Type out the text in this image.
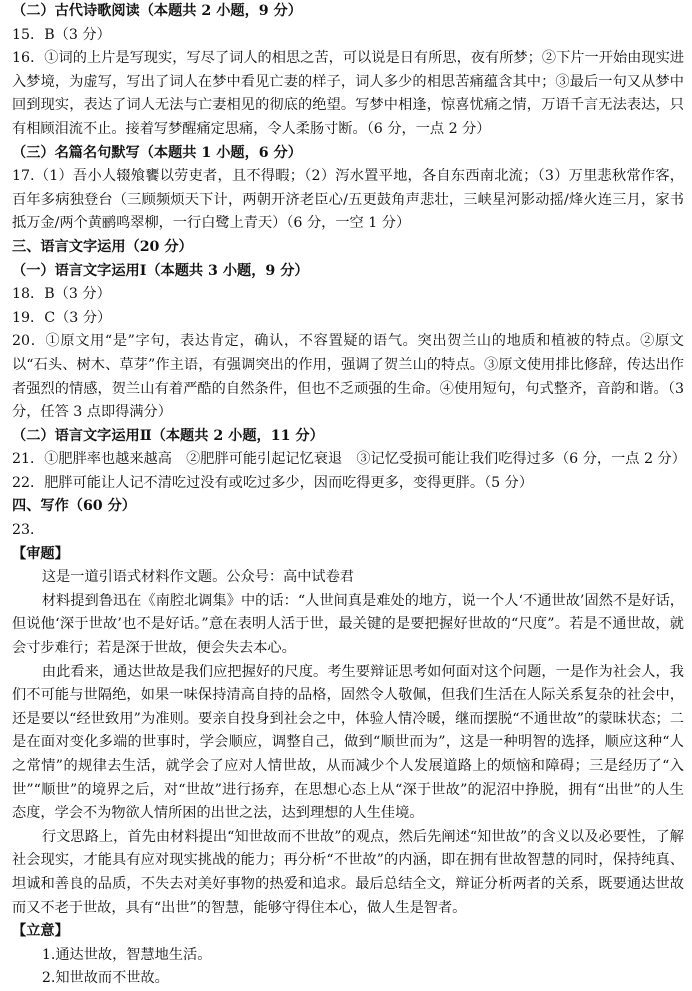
（二）古代诗歌阅读（本题共 2 小题，9 分）
15．B（3 分）
16．①词的上片是写现实，写尽了词人的相思之苦，可以说是日有所思，夜有所梦；②下片一开始由现实进入梦境，为虚写，写出了词人在梦中看见亡妻的样子，词人多少的相思苦痛蕴含其中；③最后一句又从梦中回到现实，表达了词人无法与亡妻相见的彻底的绝望。写梦中相逢，惊喜忧痛之情，万语千言无法表达，只有相顾泪流不止。接着写梦醒痛定思痛，令人柔肠寸断。（6 分，一点 2 分）
（三）名篇名句默写（本题共 1 小题，6 分）
17.（1）吾小人辍飧饔以劳吏者，且不得暇；（2）泻水置平地，各自东西南北流；（3）万里悲秋常作客，百年多病独登台（三顾频烦天下计，两朝开济老臣心/五更鼓角声悲壮，三峡星河影动摇/烽火连三月，家书抵万金/两个黄鹂鸣翠柳，一行白鹭上青天）（6 分，一空 1 分）
三、语言文字运用（20 分）
（一）语言文字运用Ⅰ（本题共 3 小题，9 分）
18．B（3 分）
19．C（3 分）
20．①原文用“是”字句，表达肯定，确认，不容置疑的语气。突出贺兰山的地质和植被的特点。②原文以“石头、树木、草芽”作主语，有强调突出的作用，强调了贺兰山的特点。③原文使用排比修辞，传达出作者强烈的情感，贺兰山有着严酷的自然条件，但也不乏顽强的生命。④使用短句，句式整齐，音韵和谐。（3 分，任答 3 点即得满分）
（二）语言文字运用Ⅱ（本题共 2 小题，11 分）
21．①肥胖率也越来越高　②肥胖可能引起记忆衰退　③记忆受损可能让我们吃得过多（6 分，一点 2 分）
22．肥胖可能让人记不清吃过没有或吃过多少，因而吃得更多，变得更胖。（5 分）
四、写作（60 分）
23．
【审题】
这是一道引语式材料作文题。公众号：高中试卷君
材料提到鲁迅在《南腔北调集》中的话：“人世间真是难处的地方，说一个人‘不通世故’固然不是好话，但说他‘深于世故’也不是好话。”意在表明人活于世，最关键的是要把握好世故的“尺度”。若是不通世故，就会寸步难行；若是深于世故，便会失去本心。
由此看来，通达世故是我们应把握好的尺度。考生要辩证思考如何面对这个问题，一是作为社会人，我们不可能与世隔绝，如果一味保持清高自持的品格，固然令人敬佩，但我们生活在人际关系复杂的社会中，还是要以“经世致用”为准则。要亲自投身到社会之中，体验人情冷暖，继而摆脱“不通世故”的蒙昧状态；二是在面对变化多端的世事时，学会顺应，调整自己，做到“顺世而为”，这是一种明智的选择，顺应这种“人之常情”的规律去生活，就学会了应对人情世故，从而减少个人发展道路上的烦恼和障碍；三是经历了“入世”“顺世”的境界之后，对“世故”进行扬弃，在思想心态上从“深于世故”的泥沼中挣脱，拥有“出世”的人生态度，学会不为物欲人情所困的出世之法，达到理想的人生佳境。
行文思路上，首先由材料提出“知世故而不世故”的观点，然后先阐述“知世故”的含义以及必要性，了解社会现实，才能具有应对现实挑战的能力；再分析“不世故”的内涵，即在拥有世故智慧的同时，保持纯真、坦诚和善良的品质，不失去对美好事物的热爱和追求。最后总结全文，辩证分析两者的关系，既要通达世故而又不老于世故，具有“出世”的智慧，能够守得住本心，做人生是智者。
【立意】
1.通达世故，智慧地生活。
2.知世故而不世故。
